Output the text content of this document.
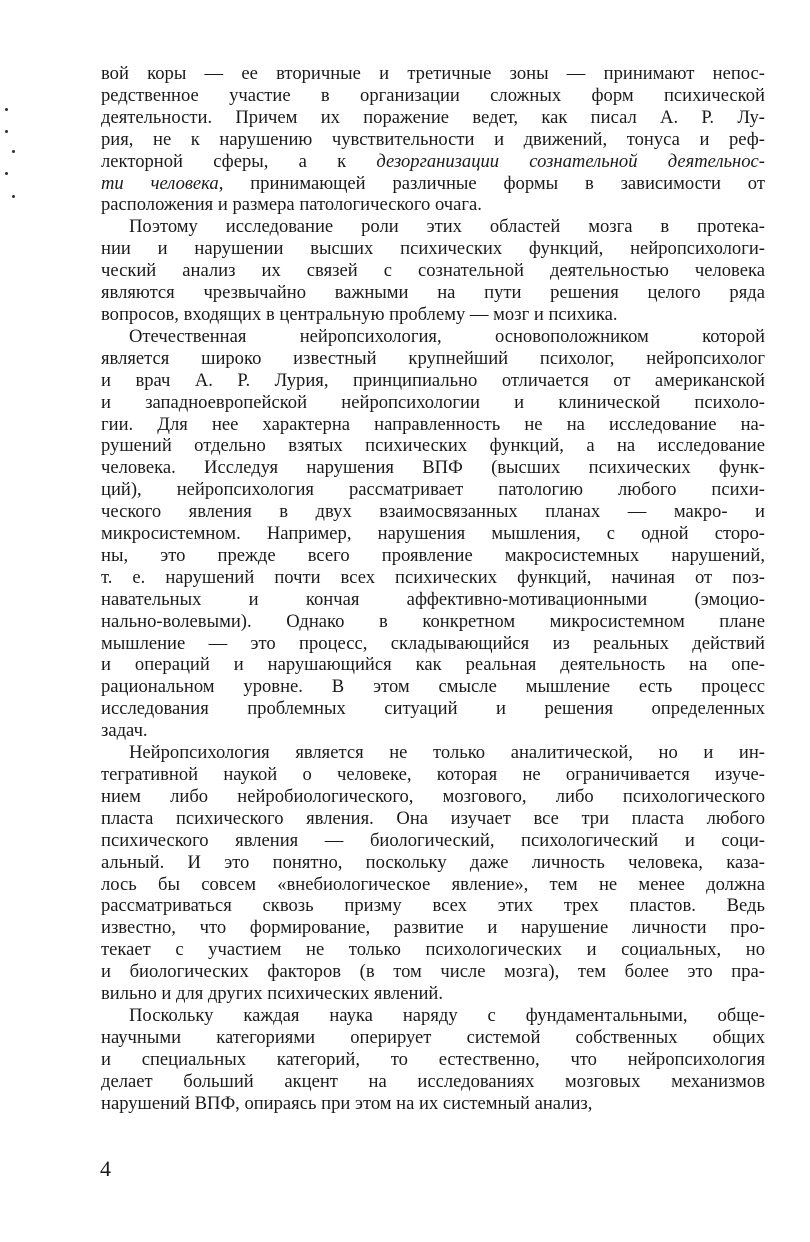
вой коры — ее вторичные и третичные зоны — принимают непос-
редственное участие в организации сложных форм психической
деятельности. Причем их поражение ведет, как писал А. Р. Лу-
рия, не к нарушению чувствительности и движений, тонуса и реф-
лекторной сферы, а к дезорганизации сознательной деятельнос-
ти человека, принимающей различные формы в зависимости от
расположения и размера патологического очага.
Поэтому исследование роли этих областей мозга в протека-
нии и нарушении высших психических функций, нейропсихологи-
ческий анализ их связей с сознательной деятельностью человека
являются чрезвычайно важными на пути решения целого ряда
вопросов, входящих в центральную проблему — мозг и психика.
Отечественная нейропсихология, основоположником которой
является широко известный крупнейший психолог, нейропсихолог
и врач А. Р. Лурия, принципиально отличается от американской
и западноевропейской нейропсихологии и клинической психоло-
гии. Для нее характерна направленность не на исследование на-
рушений отдельно взятых психических функций, а на исследование
человека. Исследуя нарушения ВПФ (высших психических функ-
ций), нейропсихология рассматривает патологию любого психи-
ческого явления в двух взаимосвязанных планах — макро- и
микросистемном. Например, нарушения мышления, с одной сторо-
ны, это прежде всего проявление макросистемных нарушений,
т. е. нарушений почти всех психических функций, начиная от поз-
навательных и кончая аффективно-мотивационными (эмоцио-
нально-волевыми). Однако в конкретном микросистемном плане
мышление — это процесс, складывающийся из реальных действий
и операций и нарушающийся как реальная деятельность на опе-
рациональном уровне. В этом смысле мышление есть процесс
исследования проблемных ситуаций и решения определенных
задач.
Нейропсихология является не только аналитической, но и ин-
тегративной наукой о человеке, которая не ограничивается изуче-
нием либо нейробиологического, мозгового, либо психологического
пласта психического явления. Она изучает все три пласта любого
психического явления — биологический, психологический и соци-
альный. И это понятно, поскольку даже личность человека, каза-
лось бы совсем «внебиологическое явление», тем не менее должна
рассматриваться сквозь призму всех этих трех пластов. Ведь
известно, что формирование, развитие и нарушение личности про-
текает с участием не только психологических и социальных, но
и биологических факторов (в том числе мозга), тем более это пра-
вильно и для других психических явлений.
Поскольку каждая наука наряду с фундаментальными, обще-
научными категориями оперирует системой собственных общих
и специальных категорий, то естественно, что нейропсихология
делает больший акцент на исследованиях мозговых механизмов
нарушений ВПФ, опираясь при этом на их системный анализ,
4
